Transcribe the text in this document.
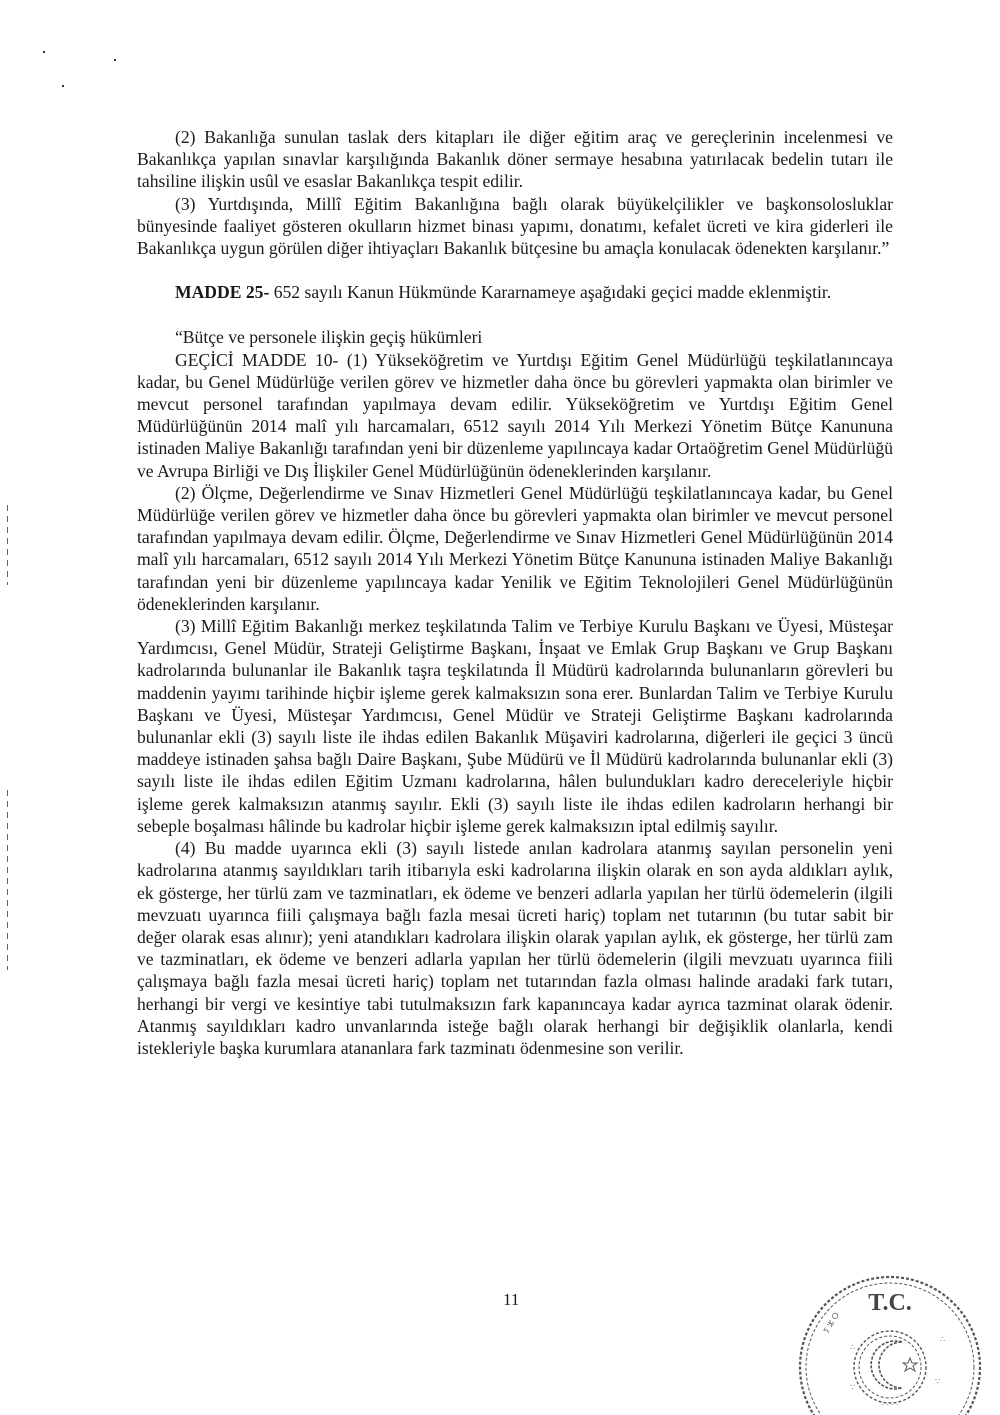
(2) Bakanlığa sunulan taslak ders kitapları ile diğer eğitim araç ve gereçlerinin incelenmesi ve Bakanlıkça yapılan sınavlar karşılığında Bakanlık döner sermaye hesabına yatırılacak bedelin tutarı ile tahsiline ilişkin usûl ve esaslar Bakanlıkça tespit edilir.

(3) Yurtdışında, Millî Eğitim Bakanlığına bağlı olarak büyükelçilikler ve başkonsolosluklar bünyesinde faaliyet gösteren okulların hizmet binası yapımı, donatımı, kefalet ücreti ve kira giderleri ile Bakanlıkça uygun görülen diğer ihtiyaçları Bakanlık bütçesine bu amaçla konulacak ödenekten karşılanır.”

MADDE 25- 652 sayılı Kanun Hükmünde Kararnameye aşağıdaki geçici madde eklenmiştir.

“Bütçe ve personele ilişkin geçiş hükümleri

GEÇİCİ MADDE 10- (1) Yükseköğretim ve Yurtdışı Eğitim Genel Müdürlüğü teşkilatlanıncaya kadar, bu Genel Müdürlüğe verilen görev ve hizmetler daha önce bu görevleri yapmakta olan birimler ve mevcut personel tarafından yapılmaya devam edilir. Yükseköğretim ve Yurtdışı Eğitim Genel Müdürlüğünün 2014 malî yılı harcamaları, 6512 sayılı 2014 Yılı Merkezi Yönetim Bütçe Kanununa istinaden Maliye Bakanlığı tarafından yeni bir düzenleme yapılıncaya kadar Ortaöğretim Genel Müdürlüğü ve Avrupa Birliği ve Dış İlişkiler Genel Müdürlüğünün ödeneklerinden karşılanır.

(2) Ölçme, Değerlendirme ve Sınav Hizmetleri Genel Müdürlüğü teşkilatlanıncaya kadar, bu Genel Müdürlüğe verilen görev ve hizmetler daha önce bu görevleri yapmakta olan birimler ve mevcut personel tarafından yapılmaya devam edilir. Ölçme, Değerlendirme ve Sınav Hizmetleri Genel Müdürlüğünün 2014 malî yılı harcamaları, 6512 sayılı 2014 Yılı Merkezi Yönetim Bütçe Kanununa istinaden Maliye Bakanlığı tarafından yeni bir düzenleme yapılıncaya kadar Yenilik ve Eğitim Teknolojileri Genel Müdürlüğünün ödeneklerinden karşılanır.

(3) Millî Eğitim Bakanlığı merkez teşkilatında Talim ve Terbiye Kurulu Başkanı ve Üyesi, Müsteşar Yardımcısı, Genel Müdür, Strateji Geliştirme Başkanı, İnşaat ve Emlak Grup Başkanı ve Grup Başkanı kadrolarında bulunanlar ile Bakanlık taşra teşkilatında İl Müdürü kadrolarında bulunanların görevleri bu maddenin yayımı tarihinde hiçbir işleme gerek kalmaksızın sona erer. Bunlardan Talim ve Terbiye Kurulu Başkanı ve Üyesi, Müsteşar Yardımcısı, Genel Müdür ve Strateji Geliştirme Başkanı kadrolarında bulunanlar ekli (3) sayılı liste ile ihdas edilen Bakanlık Müşaviri kadrolarına, diğerleri ile geçici 3 üncü maddeye istinaden şahsa bağlı Daire Başkanı, Şube Müdürü ve İl Müdürü kadrolarında bulunanlar ekli (3) sayılı liste ile ihdas edilen Eğitim Uzmanı kadrolarına, hâlen bulundukları kadro dereceleriyle hiçbir işleme gerek kalmaksızın atanmış sayılır. Ekli (3) sayılı liste ile ihdas edilen kadroların herhangi bir sebeple boşalması hâlinde bu kadrolar hiçbir işleme gerek kalmaksızın iptal edilmiş sayılır.

(4) Bu madde uyarınca ekli (3) sayılı listede anılan kadrolara atanmış sayılan personelin yeni kadrolarına atanmış sayıldıkları tarih itibarıyla eski kadrolarına ilişkin olarak en son ayda aldıkları aylık, ek gösterge, her türlü zam ve tazminatları, ek ödeme ve benzeri adlarla yapılan her türlü ödemelerin (ilgili mevzuatı uyarınca fiili çalışmaya bağlı fazla mesai ücreti hariç) toplam net tutarının (bu tutar sabit bir değer olarak esas alınır); yeni atandıkları kadrolara ilişkin olarak yapılan aylık, ek gösterge, her türlü zam ve tazminatları, ek ödeme ve benzeri adlarla yapılan her türlü ödemelerin (ilgili mevzuatı uyarınca fiili çalışmaya bağlı fazla mesai ücreti hariç) toplam net tutarından fazla olması halinde aradaki fark tutarı, herhangi bir vergi ve kesintiye tabi tutulmaksızın fark kapanıncaya kadar ayrıca tazminat olarak ödenir. Atanmış sayıldıkları kadro unvanlarında isteğe bağlı olarak herhangi bir değişiklik olanlarla, kendi istekleriyle başka kurumlara atananlara fark tazminatı ödenmesine son verilir.

11	T.C.
ⵢ ⵣ ⵔ
∴
∴
∵
∵
· · · ·
